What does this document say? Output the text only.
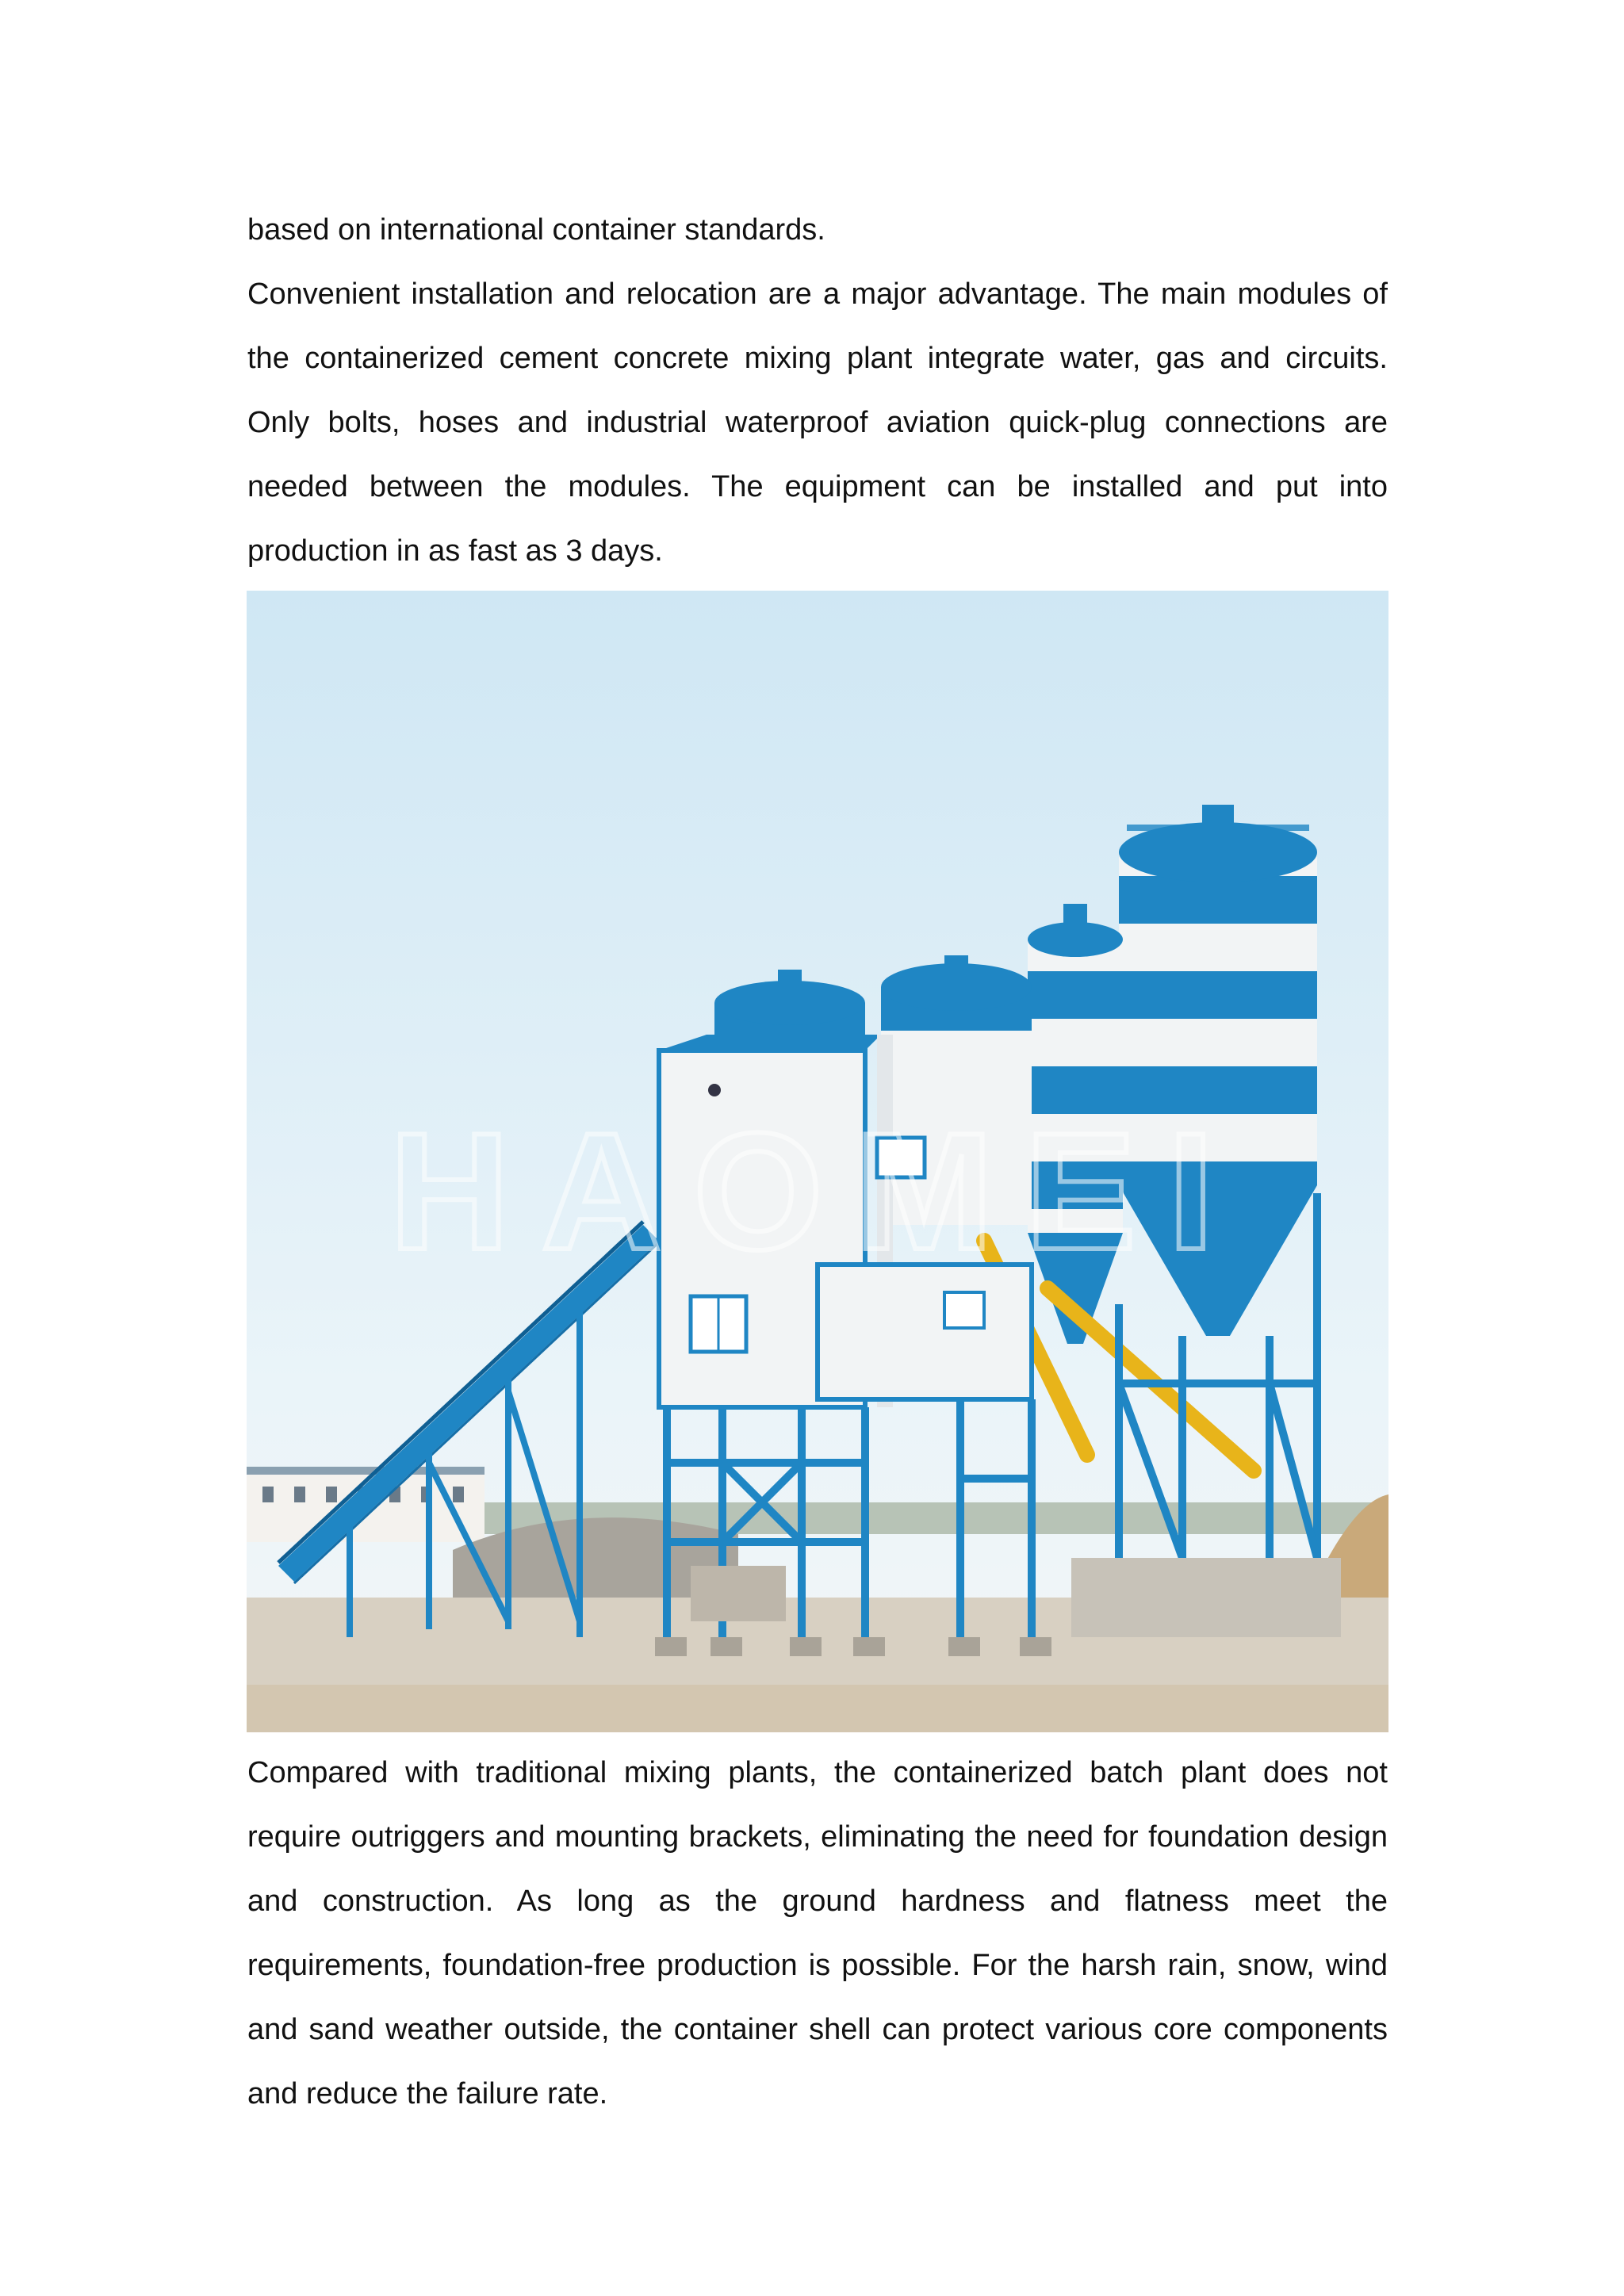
based on international container standards.

Convenient installation and relocation are a major advantage. The main modules of the containerized cement concrete mixing plant integrate water, gas and circuits. Only bolts, hoses and industrial waterproof aviation quick-plug connections are needed between the modules. The equipment can be installed and put into production in as fast as 3 days.

HAOMEI

Compared with traditional mixing plants, the containerized batch plant does not require outriggers and mounting brackets, eliminating the need for foundation design and construction. As long as the ground hardness and flatness meet the requirements, foundation-free production is possible. For the harsh rain, snow, wind and sand weather outside, the container shell can protect various core components and reduce the failure rate.
